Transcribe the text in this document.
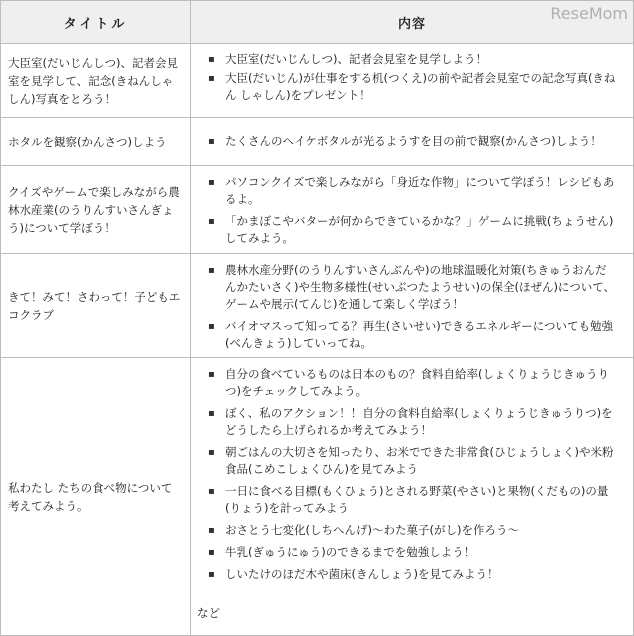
タイトル	内容
大臣室(だいじんしつ)、記者会見室を見学して、記念(きねんしゃしん)写真をとろう！
▪ 大臣室(だいじんしつ)、記者会見室を見学しよう！
▪ 大臣(だいじん)が仕事をする机(つくえ)の前や記者会見室での記念写真(きねん しゃしん)をプレゼント！
ホタルを観察(かんさつ)しよう
▪	たくさんのヘイケボタルが光るようすを目の前で観察(かんさつ)しよう！
クイズやゲームで楽しみながら農林水産業(のうりんすいさんぎょう)について学ぼう！
▪ パソコンクイズで楽しみながら「身近な作物」について学ぼう！レシピもあるよ。
▪ 「かまぼこやバターが何からできているかな？」ゲームに挑戦(ちょうせん)してみよう。
きて！みて！さわって！子どもエコクラブ
▪ 農林水産分野(のうりんすいさんぶんや)の地球温暖化対策(ちきゅうおんだんかたいさく)や生物多様性(せいぶつたようせい)の保全(ほぜん)について、ゲームや展示(てんじ)を通して楽しく学ぼう！
▪ バイオマスって知ってる？再生(さいせい)できるエネルギーについても勉強(べんきょう)していってね。
私わたし たちの食べ物について考えてみよう。
▪ 自分の食べているものは日本のもの？食料自給率(しょくりょうじきゅうりつ)をチェックしてみよう。
▪ ぼく、私のアクション！！自分の食料自給率(しょくりょうじきゅうりつ)をどうしたら上げられるか考えてみよう！
▪ 朝ごはんの大切さを知ったり、お米でできた非常食(ひじょうしょく)や米粉食品(こめこしょくひん)を見てみよう
▪ 一日に食べる目標(もくひょう)とされる野菜(やさい)と果物(くだもの)の量(りょう)を計ってみよう
▪ おさとう七変化(しちへんげ)〜わた菓子(がし)を作ろう〜
▪ 牛乳(ぎゅうにゅう)のできるまでを勉強しよう！
▪ しいたけのほだ木や菌床(きんしょう)を見てみよう！
など
ReseMom
